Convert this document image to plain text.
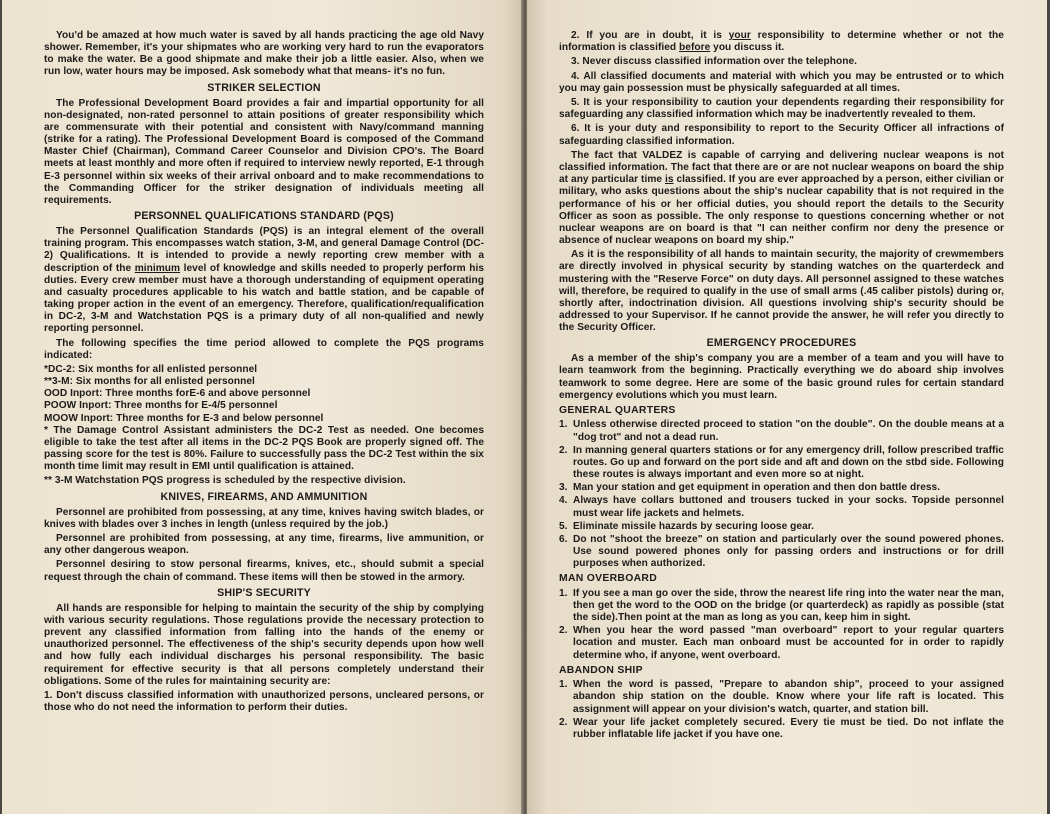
You'd be amazed at how much water is saved by all hands practicing the age old Navy shower. Remember, it's your shipmates who are working very hard to run the evaporators to make the water. Be a good shipmate and make their job a little easier. Also, when we run low, water hours may be imposed. Ask somebody what that means- it's no fun.

STRIKER SELECTION

The Professional Development Board provides a fair and impartial opportunity for all non-designated, non-rated personnel to attain positions of greater responsibility which are commensurate with their potential and consistent with Navy/command manning (strike for a rating). The Professional Development Board is composed of the Command Master Chief (Chairman), Command Career Counselor and Division CPO's. The Board meets at least monthly and more often if required to interview newly reported, E-1 through E-3 personnel within six weeks of their arrival onboard and to make recommendations to the Commanding Officer for the striker designation of individuals meeting all requirements.

PERSONNEL QUALIFICATIONS STANDARD (PQS)

The Personnel Qualification Standards (PQS) is an integral element of the overall training program. This encompasses watch station, 3-M, and general Damage Control (DC-2) Qualifications. It is intended to provide a newly reporting crew member with a description of the minimum level of knowledge and skills needed to properly perform his duties. Every crew member must have a thorough understanding of equipment operating and casualty procedures applicable to his watch and battle station, and be capable of taking proper action in the event of an emergency. Therefore, qualification/requalification in DC-2, 3-M and Watchstation PQS is a primary duty of all non-qualified and newly reporting personnel.

The following specifies the time period allowed to complete the PQS programs indicated:

*DC-2: Six months for all enlisted personnel
**3-M: Six months for all enlisted personnel
OOD Inport: Three months forE-6 and above personnel
POOW Inport: Three months for E-4/5 personnel
MOOW Inport: Three months for E-3 and below personnel

* The Damage Control Assistant administers the DC-2 Test as needed. One becomes eligible to take the test after all items in the DC-2 PQS Book are properly signed off. The passing score for the test is 80%. Failure to successfully pass the DC-2 Test within the six month time limit may result in EMI until qualification is attained.

** 3-M Watchstation PQS progress is scheduled by the respective division.

KNIVES, FIREARMS, AND AMMUNITION

Personnel are prohibited from possessing, at any time, knives having switch blades, or knives with blades over 3 inches in length (unless required by the job.)

Personnel are prohibited from possessing, at any time, firearms, live ammunition, or any other dangerous weapon.

Personnel desiring to stow personal firearms, knives, etc., should submit a special request through the chain of command. These items will then be stowed in the armory.

SHIP'S SECURITY

All hands are responsible for helping to maintain the security of the ship by complying with various security regulations. Those regulations provide the necessary protection to prevent any classified information from falling into the hands of the enemy or unauthorized personnel. The effectiveness of the ship's security depends upon how well and how fully each individual discharges his personal responsibility. The basic requirement for effective security is that all persons completely understand their obligations. Some of the rules for maintaining security are:

1. Don't discuss classified information with unauthorized persons, uncleared persons, or those who do not need the information to perform their duties.

2. If you are in doubt, it is your responsibility to determine whether or not the information is classified before you discuss it.

3. Never discuss classified information over the telephone.

4. All classified documents and material with which you may be entrusted or to which you may gain possession must be physically safeguarded at all times.

5. It is your responsibility to caution your dependents regarding their responsibility for safeguarding any classified information which may be inadvertently revealed to them.

6. It is your duty and responsibility to report to the Security Officer all infractions of safeguarding classified information.

The fact that VALDEZ is capable of carrying and delivering nuclear weapons is not classified information. The fact that there are or are not nuclear weapons on board the ship at any particular time is classified. If you are ever approached by a person, either civilian or military, who asks questions about the ship's nuclear capability that is not required in the performance of his or her official duties, you should report the details to the Security Officer as soon as possible. The only response to questions concerning whether or not nuclear weapons are on board is that "I can neither confirm nor deny the presence or absence of nuclear weapons on board my ship."

As it is the responsibility of all hands to maintain security, the majority of crewmembers are directly involved in physical security by standing watches on the quarterdeck and mustering with the "Reserve Force" on duty days. All personnel assigned to these watches will, therefore, be required to qualify in the use of small arms (.45 caliber pistols) during or, shortly after, indoctrination division. All questions involving ship's security should be addressed to your Supervisor. If he cannot provide the answer, he will refer you directly to the Security Officer.

EMERGENCY PROCEDURES

As a member of the ship's company you are a member of a team and you will have to learn teamwork from the beginning. Practically everything we do aboard ship involves teamwork to some degree. Here are some of the basic ground rules for certain standard emergency evolutions which you must learn.

GENERAL QUARTERS
1. Unless otherwise directed proceed to station "on the double". On the double means at a "dog trot" and not a dead run.
2. In manning general quarters stations or for any emergency drill, follow prescribed traffic routes. Go up and forward on the port side and aft and down on the stbd side. Following these routes is always important and even more so at night.
3. Man your station and get equipment in operation and then don battle dress.
4. Always have collars buttoned and trousers tucked in your socks. Topside personnel must wear life jackets and helmets.
5. Eliminate missile hazards by securing loose gear.
6. Do not "shoot the breeze" on station and particularly over the sound powered phones. Use sound powered phones only for passing orders and instructions or for drill purposes when authorized.
MAN OVERBOARD
1. If you see a man go over the side, throw the nearest life ring into the water near the man, then get the word to the OOD on the bridge (or quarterdeck) as rapidly as possible (stat the side).Then point at the man as long as you can, keep him in sight.
2. When you hear the word passed "man overboard" report to your regular quarters location and muster. Each man onboard must be accounted for in order to rapidly determine who, if anyone, went overboard.
ABANDON SHIP
1. When the word is passed, "Prepare to abandon ship", proceed to your assigned abandon ship station on the double. Know where your life raft is located. This assignment will appear on your division's watch, quarter, and station bill.
2. Wear your life jacket completely secured. Every tie must be tied. Do not inflate the rubber inflatable life jacket if you have one.
